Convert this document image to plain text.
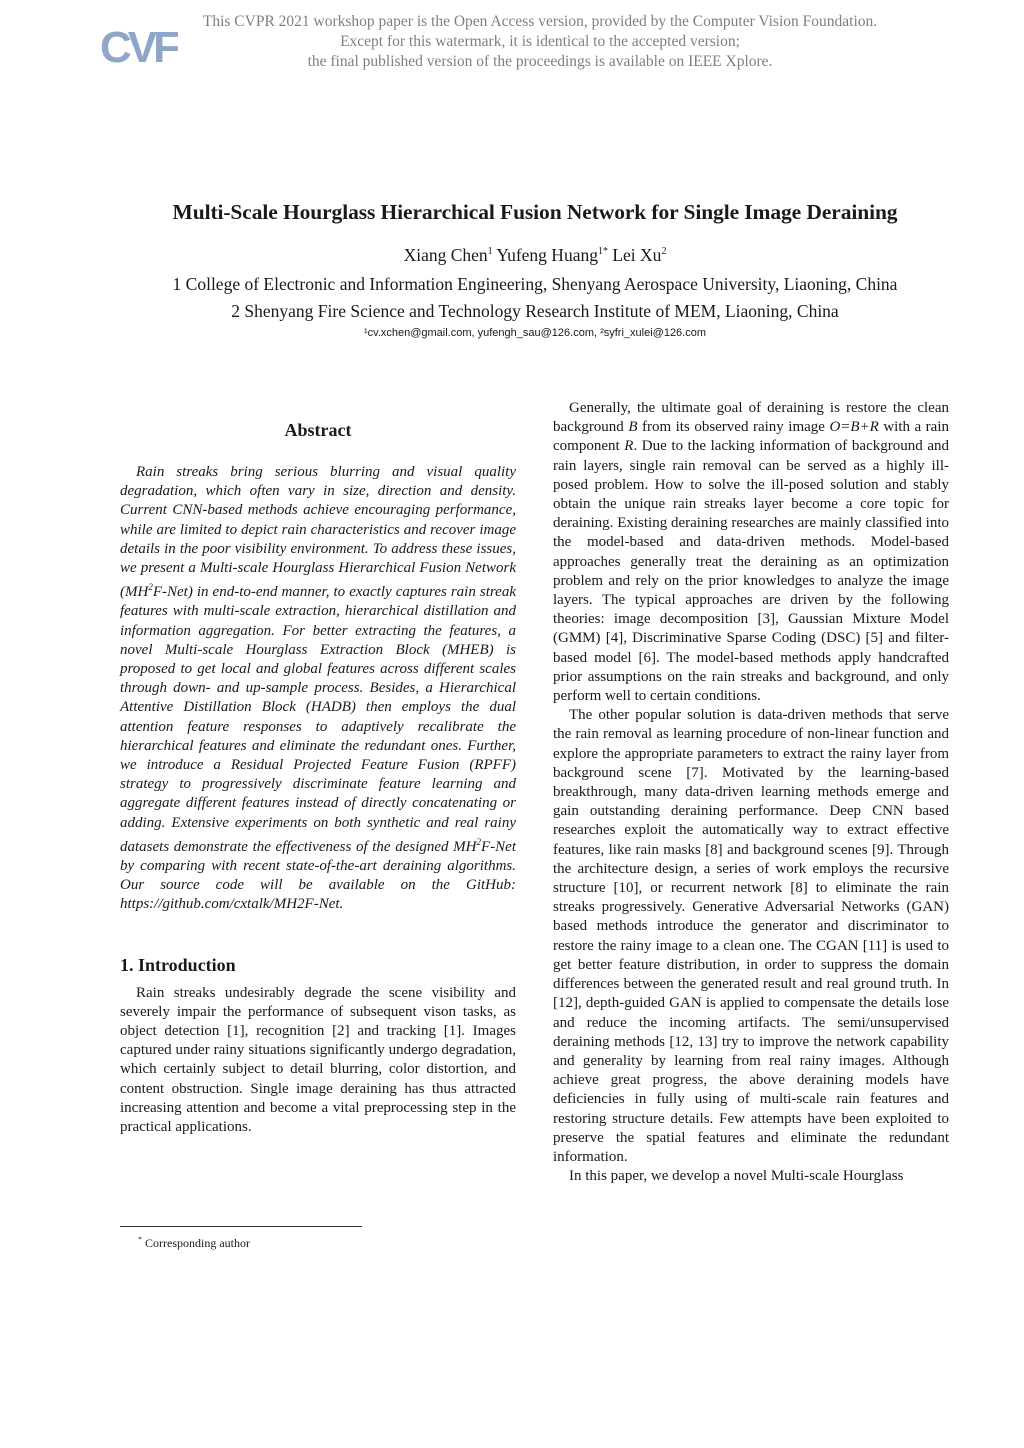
CVF
This CVPR 2021 workshop paper is the Open Access version, provided by the Computer Vision Foundation.
Except for this watermark, it is identical to the accepted version;
the final published version of the proceedings is available on IEEE Xplore.
Multi-Scale Hourglass Hierarchical Fusion Network for Single Image Deraining
Xiang Chen$^1$ Yufeng Huang$^{1*}$ Lei Xu$^2$
1 College of Electronic and Information Engineering, Shenyang Aerospace University, Liaoning, China
2 Shenyang Fire Science and Technology Research Institute of MEM, Liaoning, China
¹cv.xchen@gmail.com, yufengh_sau@126.com, ²syfri_xulei@126.com
Abstract

Rain streaks bring serious blurring and visual quality degradation, which often vary in size, direction and density. Current CNN-based methods achieve encouraging performance, while are limited to depict rain characteristics and recover image details in the poor visibility environment. To address these issues, we present a Multi-scale Hourglass Hierarchical Fusion Network $(MH^2F-Net)$ in end-to-end manner, to exactly captures rain streak features with multi-scale extraction, hierarchical distillation and information aggregation. For better extracting the features, a novel Multi-scale Hourglass Extraction Block (MHEB) is proposed to get local and global features across different scales through down- and up-sample process. Besides, a Hierarchical Attentive Distillation Block (HADB) then employs the dual attention feature responses to adaptively recalibrate the hierarchical features and eliminate the redundant ones. Further, we introduce a Residual Projected Feature Fusion (RPFF) strategy to progressively discriminate feature learning and aggregate different features instead of directly concatenating or adding. Extensive experiments on both synthetic and real rainy datasets demonstrate the effectiveness of the designed $MH^2F$-Net by comparing with recent state-of-the-art deraining algorithms. Our source code will be available on the GitHub: https://github.com/cxtalk/MH2F-Net.

1. Introduction

Rain streaks undesirably degrade the scene visibility and severely impair the performance of subsequent vison tasks, as object detection [1], recognition [2] and tracking [1]. Images captured under rainy situations significantly undergo degradation, which certainly subject to detail blurring, color distortion, and content obstruction. Single image deraining has thus attracted increasing attention and become a vital preprocessing step in the practical applications.

Generally, the ultimate goal of deraining is restore the clean background B from its observed rainy image O=B+R with a rain component R. Due to the lacking information of background and rain layers, single rain removal can be served as a highly ill-posed problem. How to solve the ill-posed solution and stably obtain the unique rain streaks layer become a core topic for deraining. Existing deraining researches are mainly classified into the model-based and data-driven methods. Model-based approaches generally treat the deraining as an optimization problem and rely on the prior knowledges to analyze the image layers. The typical approaches are driven by the following theories: image decomposition [3], Gaussian Mixture Model (GMM) [4], Discriminative Sparse Coding (DSC) [5] and filter-based model [6]. The model-based methods apply handcrafted prior assumptions on the rain streaks and background, and only perform well to certain conditions.

The other popular solution is data-driven methods that serve the rain removal as learning procedure of non-linear function and explore the appropriate parameters to extract the rainy layer from background scene [7]. Motivated by the learning-based breakthrough, many data-driven learning methods emerge and gain outstanding deraining performance. Deep CNN based researches exploit the automatically way to extract effective features, like rain masks [8] and background scenes [9]. Through the architecture design, a series of work employs the recursive structure [10], or recurrent network [8] to eliminate the rain streaks progressively. Generative Adversarial Networks (GAN) based methods introduce the generator and discriminator to restore the rainy image to a clean one. The CGAN [11] is used to get better feature distribution, in order to suppress the domain differences between the generated result and real ground truth. In [12], depth-guided GAN is applied to compensate the details lose and reduce the incoming artifacts. The semi/unsupervised deraining methods [12, 13] try to improve the network capability and generality by learning from real rainy images. Although achieve great progress, the above deraining models have deficiencies in fully using of multi-scale rain features and restoring structure details. Few attempts have been exploited to preserve the spatial features and eliminate the redundant information.

In this paper, we develop a novel Multi-scale Hourglass

* Corresponding author
